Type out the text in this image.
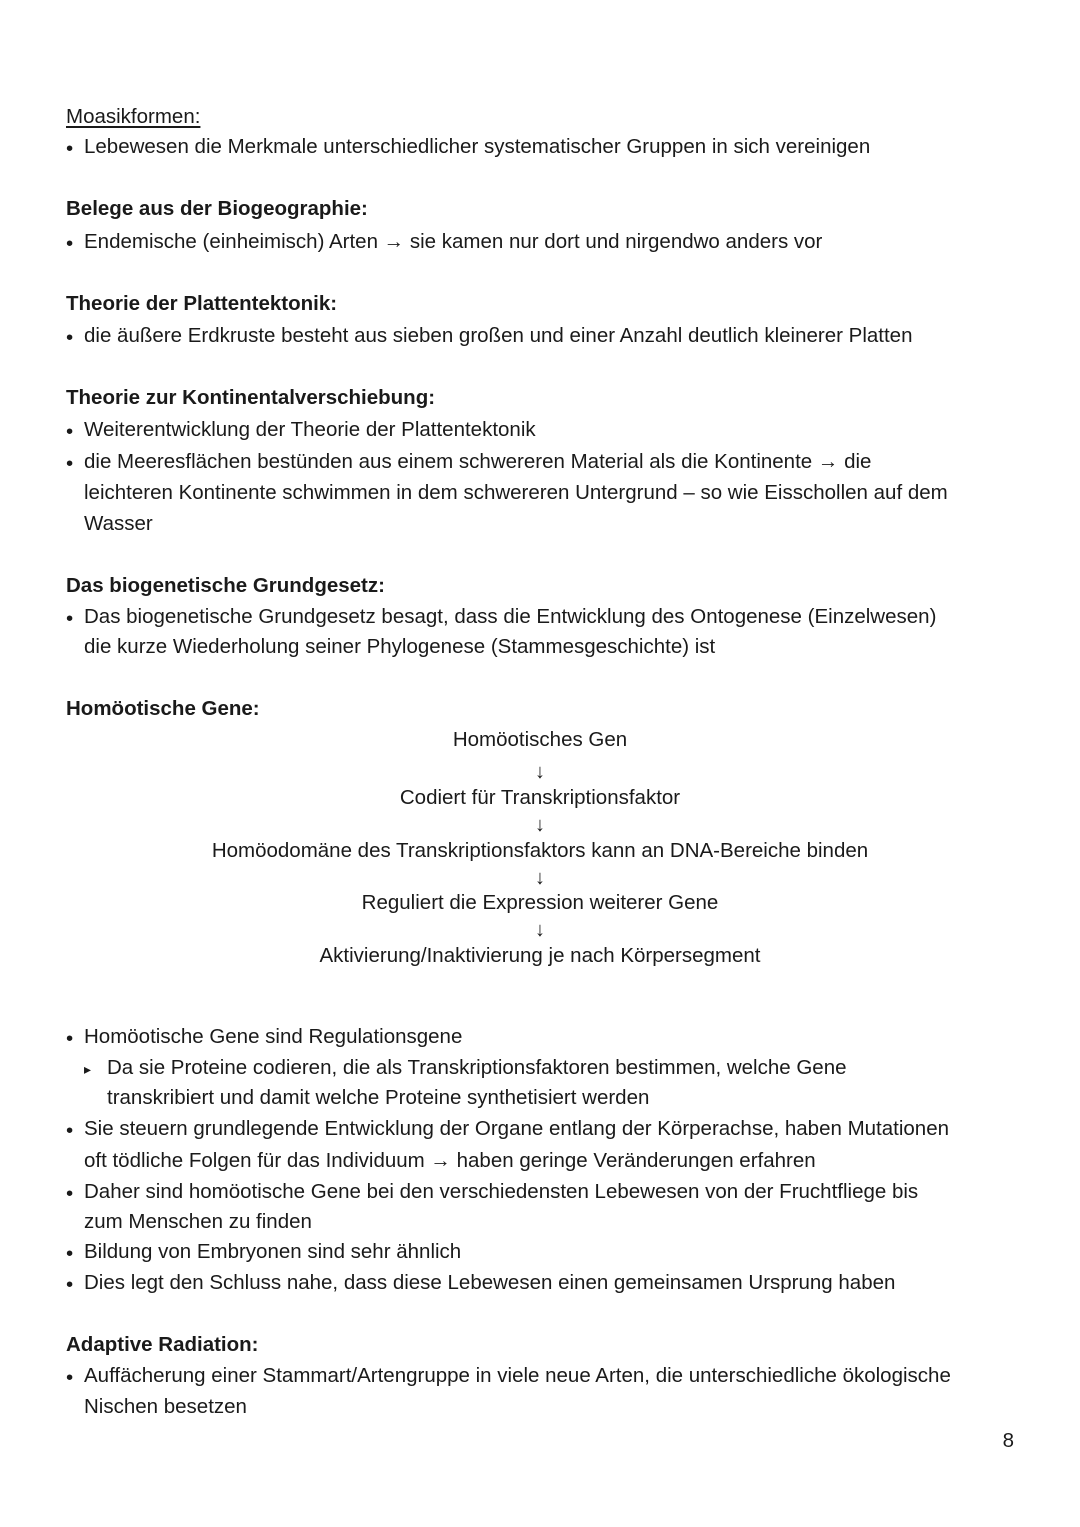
Moasikformen:
• Lebewesen die Merkmale unterschiedlicher systematischer Gruppen in sich vereinigen
Belege aus der Biogeographie:
• Endemische (einheimisch) Arten → sie kamen nur dort und nirgendwo anders vor
Theorie der Plattentektonik:
• die äußere Erdkruste besteht aus sieben großen und einer Anzahl deutlich kleinerer Platten
Theorie zur Kontinentalverschiebung:
• Weiterentwicklung der Theorie der Plattentektonik
• die Meeresflächen bestünden aus einem schwereren Material als die Kontinente → die
leichteren Kontinente schwimmen in dem schwereren Untergrund – so wie Eisschollen auf dem
Wasser
Das biogenetische Grundgesetz:
• Das biogenetische Grundgesetz besagt, dass die Entwicklung des Ontogenese (Einzelwesen)
die kurze Wiederholung seiner Phylogenese (Stammesgeschichte) ist
Homöotische Gene:
Homöotisches Gen
↓
Codiert für Transkriptionsfaktor
↓
Homöodomäne des Transkriptionsfaktors kann an DNA-Bereiche binden
↓
Reguliert die Expression weiterer Gene
↓
Aktivierung/Inaktivierung je nach Körpersegment
• Homöotische Gene sind Regulationsgene
▸ Da sie Proteine codieren, die als Transkriptionsfaktoren bestimmen, welche Gene
transkribiert und damit welche Proteine synthetisiert werden
• Sie steuern grundlegende Entwicklung der Organe entlang der Körperachse, haben Mutationen
oft tödliche Folgen für das Individuum → haben geringe Veränderungen erfahren
• Daher sind homöotische Gene bei den verschiedensten Lebewesen von der Fruchtfliege bis
zum Menschen zu finden
• Bildung von Embryonen sind sehr ähnlich
• Dies legt den Schluss nahe, dass diese Lebewesen einen gemeinsamen Ursprung haben
Adaptive Radiation:
• Auffächerung einer Stammart/Artengruppe in viele neue Arten, die unterschiedliche ökologische
Nischen besetzen
8
